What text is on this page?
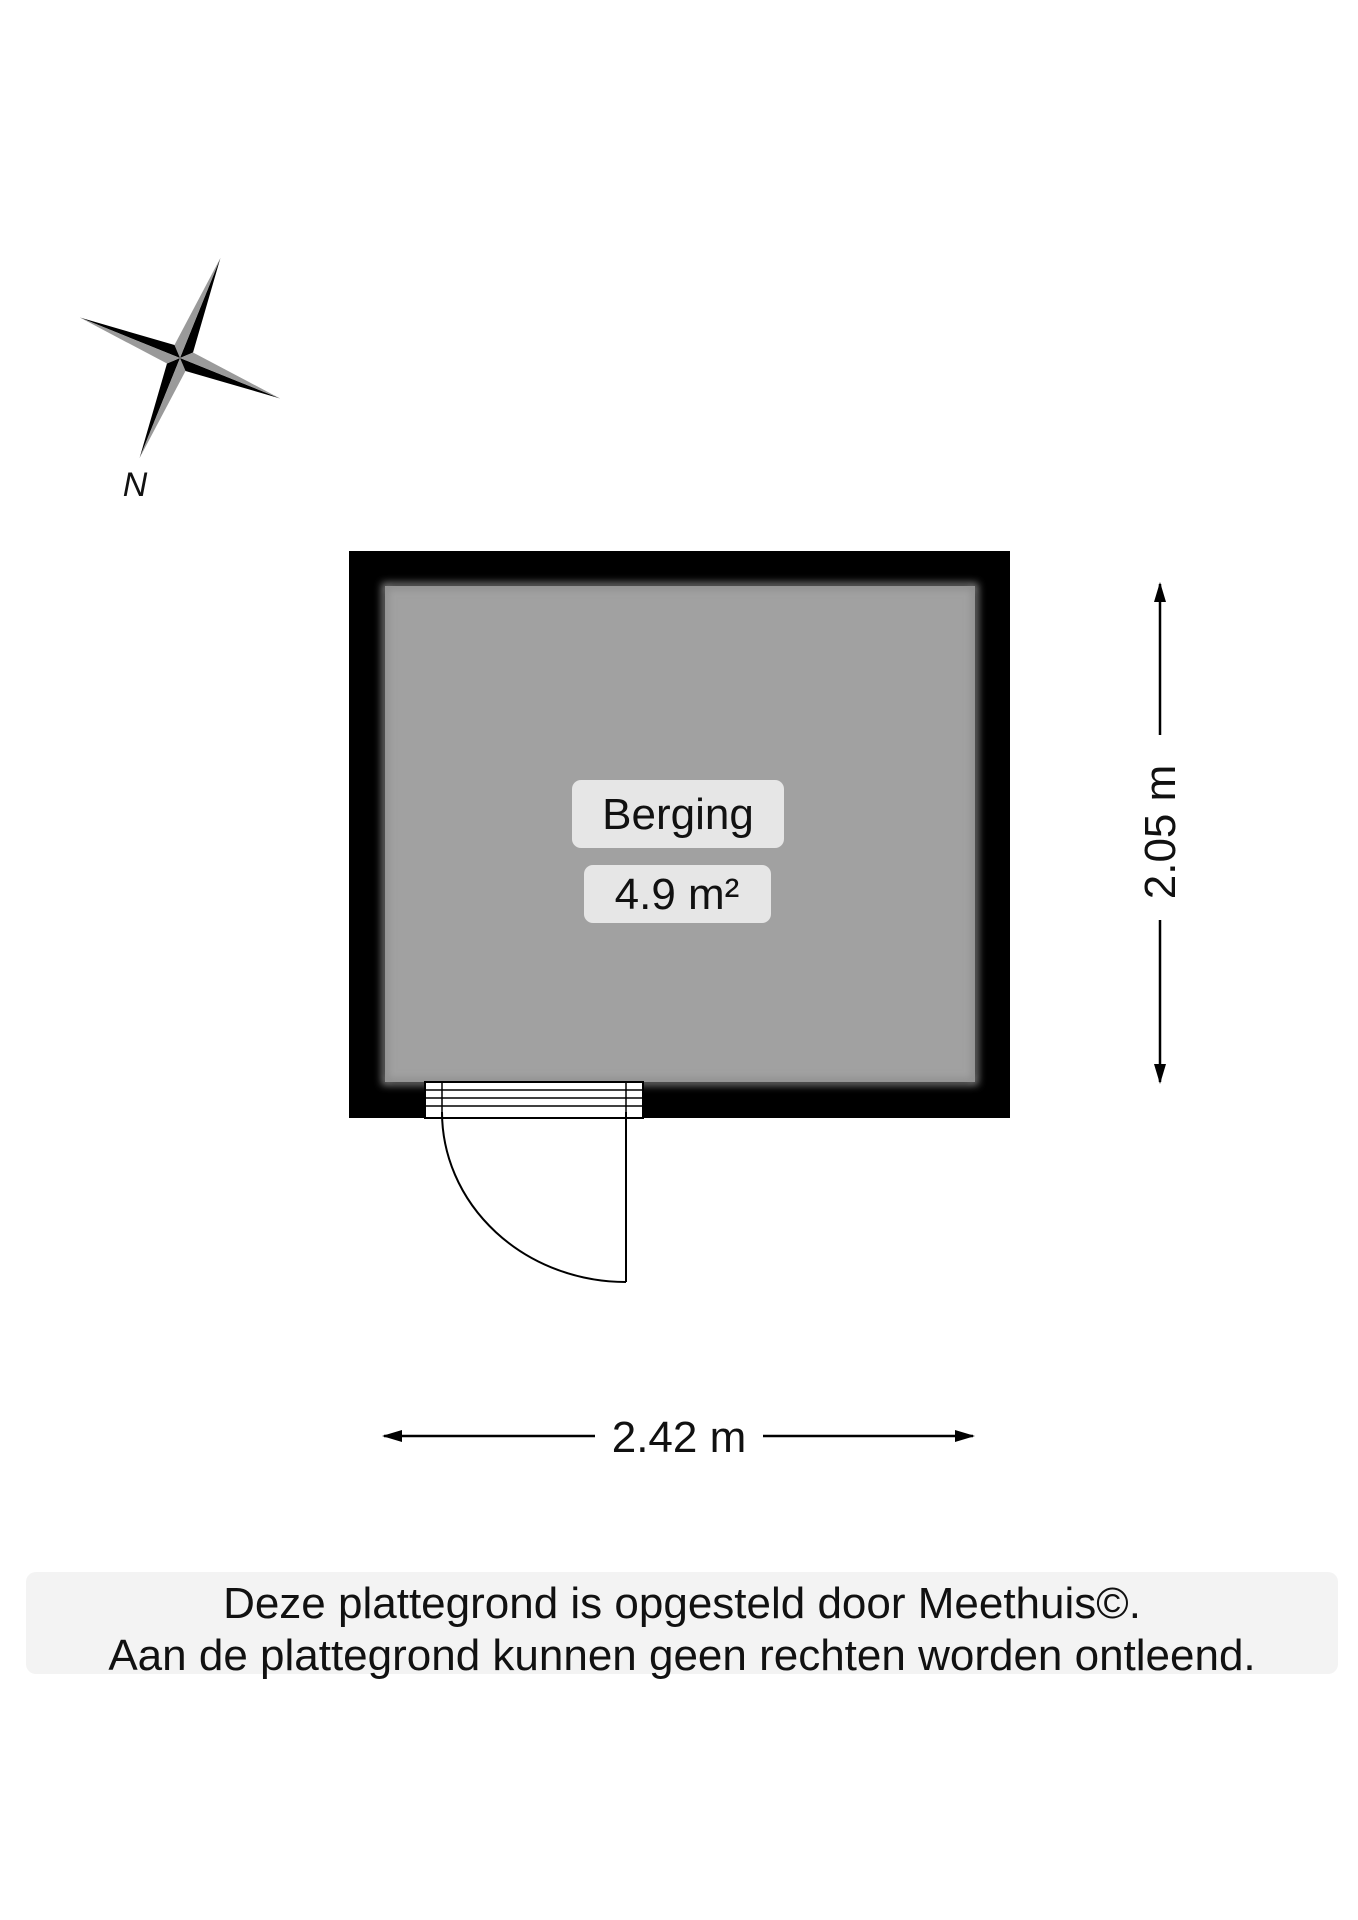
N
Berging
4.9 m²	2.05 m
2.42 m
Deze plattegrond is opgesteld door Meethuis©.
Aan de plattegrond kunnen geen rechten worden ontleend.
